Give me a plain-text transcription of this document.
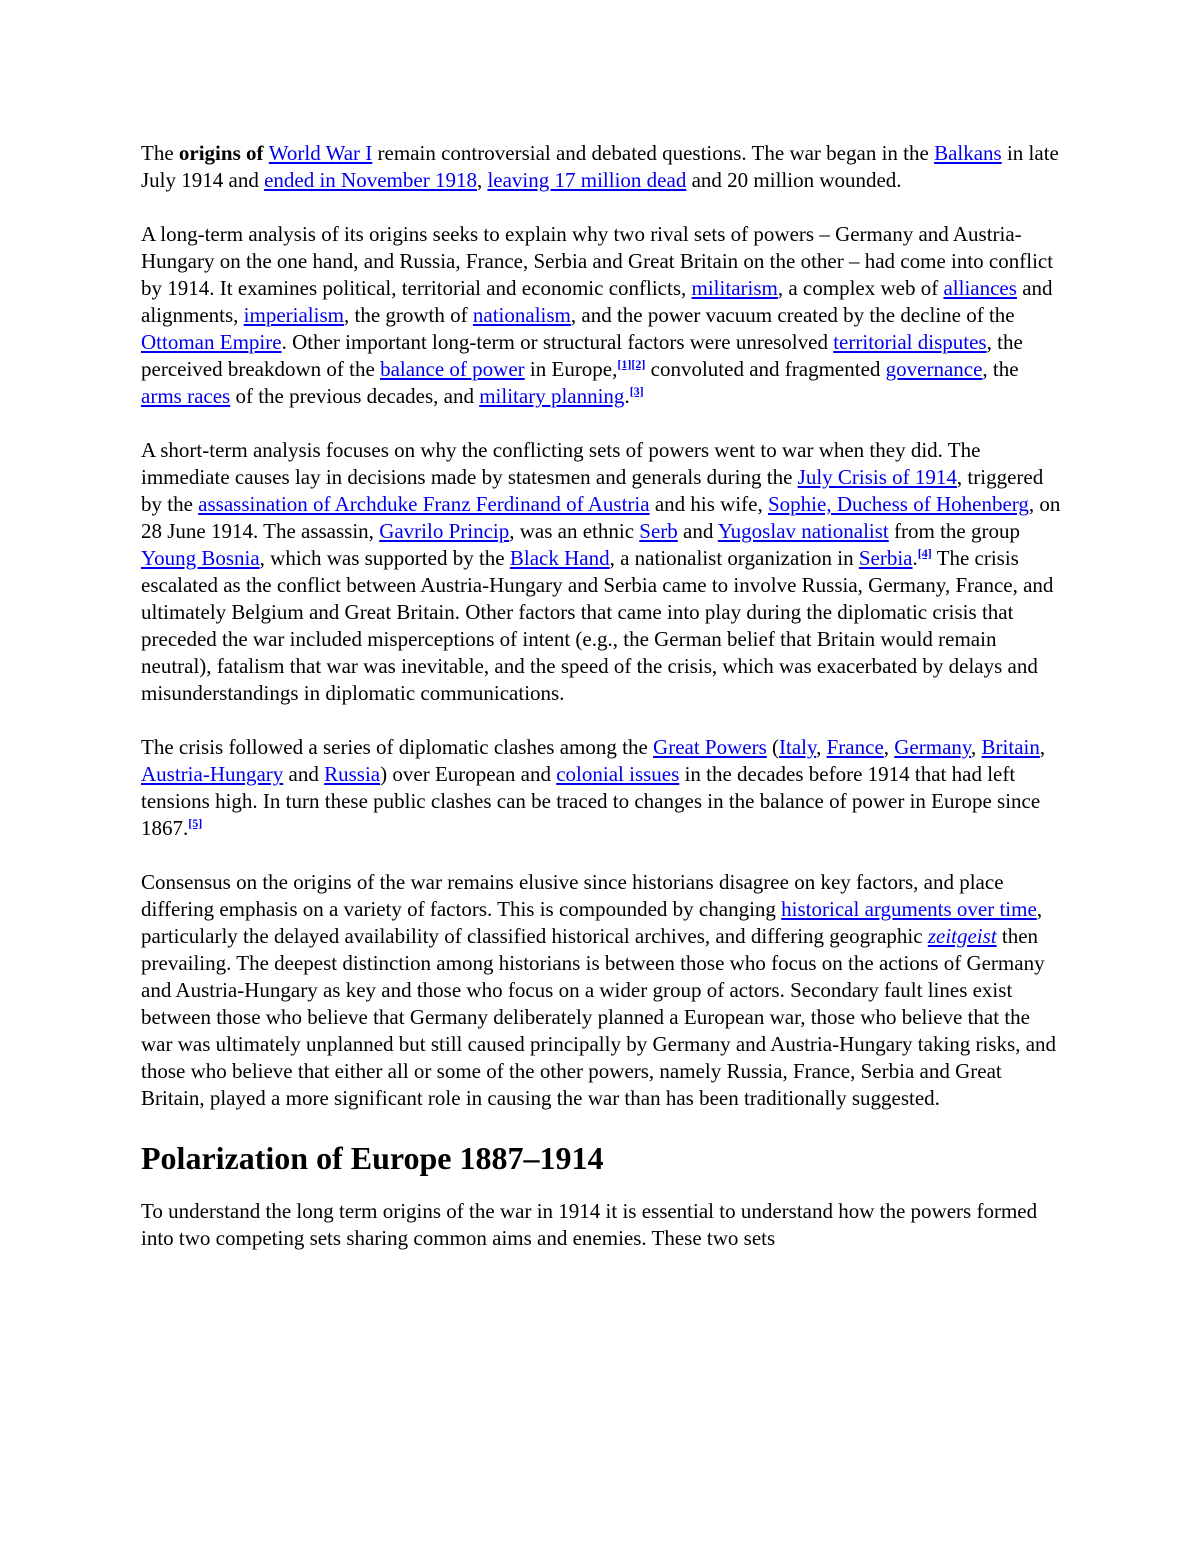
The origins of World War I remain controversial and debated questions. The war began in the Balkans in late July 1914 and ended in November 1918, leaving 17 million dead and 20 million wounded.

A long-term analysis of its origins seeks to explain why two rival sets of powers – Germany and Austria-Hungary on the one hand, and Russia, France, Serbia and Great Britain on the other – had come into conflict by 1914. It examines political, territorial and economic conflicts, militarism, a complex web of alliances and alignments, imperialism, the growth of nationalism, and the power vacuum created by the decline of the Ottoman Empire. Other important long-term or structural factors were unresolved territorial disputes, the perceived breakdown of the balance of power in Europe,[1][2] convoluted and fragmented governance, the arms races of the previous decades, and military planning.[3]

A short-term analysis focuses on why the conflicting sets of powers went to war when they did. The immediate causes lay in decisions made by statesmen and generals during the July Crisis of 1914, triggered by the assassination of Archduke Franz Ferdinand of Austria and his wife, Sophie, Duchess of Hohenberg, on 28 June 1914. The assassin, Gavrilo Princip, was an ethnic Serb and Yugoslav nationalist from the group Young Bosnia, which was supported by the Black Hand, a nationalist organization in Serbia.[4] The crisis escalated as the conflict between Austria-Hungary and Serbia came to involve Russia, Germany, France, and ultimately Belgium and Great Britain. Other factors that came into play during the diplomatic crisis that preceded the war included misperceptions of intent (e.g., the German belief that Britain would remain neutral), fatalism that war was inevitable, and the speed of the crisis, which was exacerbated by delays and misunderstandings in diplomatic communications.

The crisis followed a series of diplomatic clashes among the Great Powers (Italy, France, Germany, Britain, Austria-Hungary and Russia) over European and colonial issues in the decades before 1914 that had left tensions high. In turn these public clashes can be traced to changes in the balance of power in Europe since 1867.[5]

Consensus on the origins of the war remains elusive since historians disagree on key factors, and place differing emphasis on a variety of factors. This is compounded by changing historical arguments over time, particularly the delayed availability of classified historical archives, and differing geographic zeitgeist then prevailing. The deepest distinction among historians is between those who focus on the actions of Germany and Austria-Hungary as key and those who focus on a wider group of actors. Secondary fault lines exist between those who believe that Germany deliberately planned a European war, those who believe that the war was ultimately unplanned but still caused principally by Germany and Austria-Hungary taking risks, and those who believe that either all or some of the other powers, namely Russia, France, Serbia and Great Britain, played a more significant role in causing the war than has been traditionally suggested.

Polarization of Europe 1887–1914

To understand the long term origins of the war in 1914 it is essential to understand how the powers formed into two competing sets sharing common aims and enemies. These two sets
